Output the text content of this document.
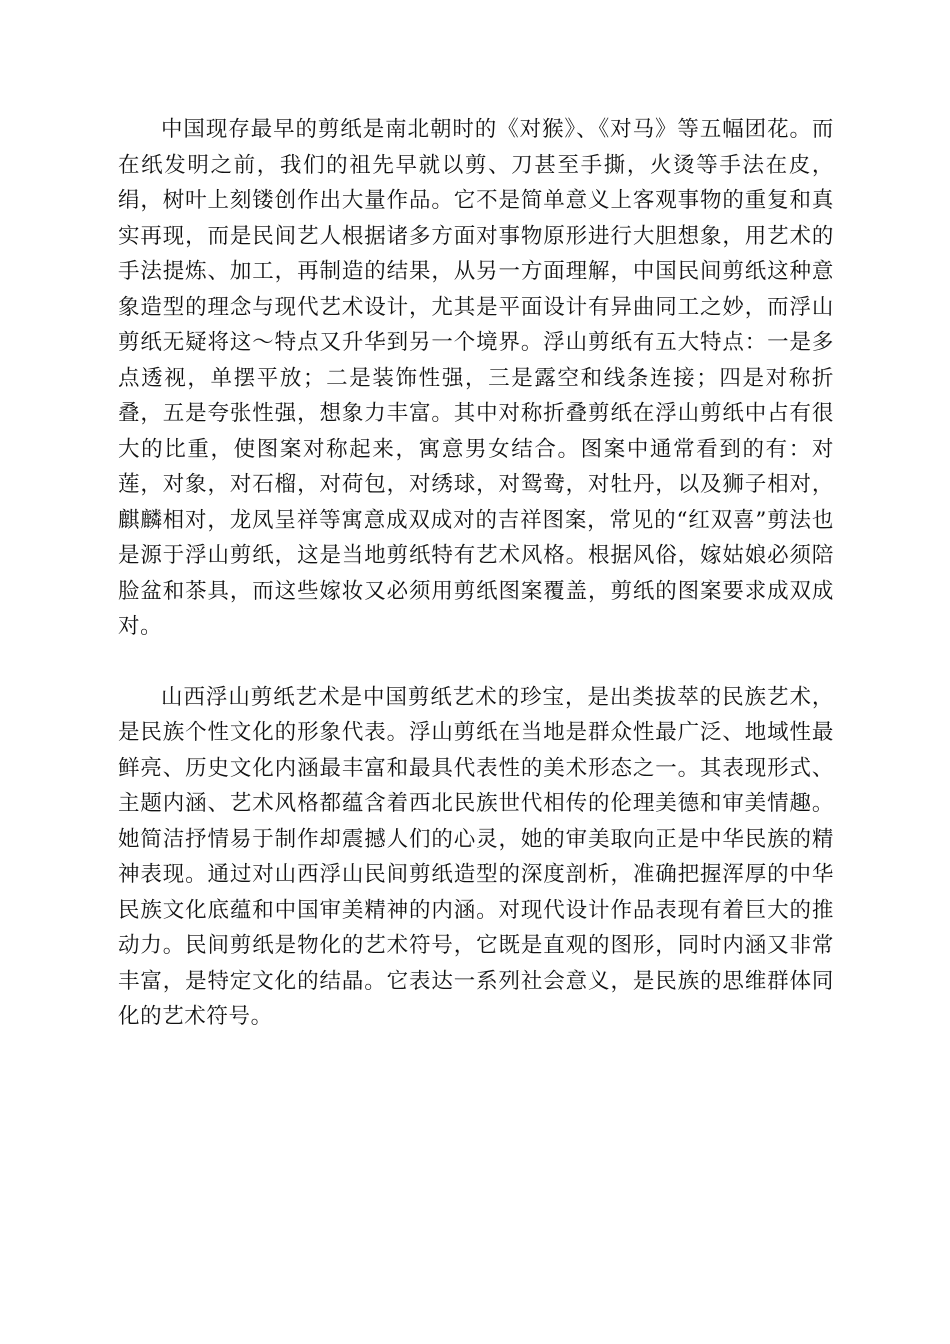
中国现存最早的剪纸是南北朝时的《对猴》、《对马》等五幅团花。而在纸发明之前，我们的祖先早就以剪、刀甚至手撕，火烫等手法在皮，绢，树叶上刻镂创作出大量作品。它不是简单意义上客观事物的重复和真实再现，而是民间艺人根据诸多方面对事物原形进行大胆想象，用艺术的手法提炼、加工，再制造的结果，从另一方面理解，中国民间剪纸这种意象造型的理念与现代艺术设计，尤其是平面设计有异曲同工之妙，而浮山剪纸无疑将这～特点又升华到另一个境界。浮山剪纸有五大特点：一是多点透视，单摆平放；二是装饰性强，三是露空和线条连接；四是对称折叠，五是夸张性强，想象力丰富。其中对称折叠剪纸在浮山剪纸中占有很大的比重，使图案对称起来，寓意男女结合。图案中通常看到的有：对莲，对象，对石榴，对荷包，对绣球，对鸳鸯，对牡丹，以及狮子相对，麒麟相对，龙凤呈祥等寓意成双成对的吉祥图案，常见的“红双喜”剪法也是源于浮山剪纸，这是当地剪纸特有艺术风格。根据风俗，嫁姑娘必须陪脸盆和茶具，而这些嫁妆又必须用剪纸图案覆盖，剪纸的图案要求成双成对。

山西浮山剪纸艺术是中国剪纸艺术的珍宝，是出类拔萃的民族艺术，是民族个性文化的形象代表。浮山剪纸在当地是群众性最广泛、地域性最鲜亮、历史文化内涵最丰富和最具代表性的美术形态之一。其表现形式、主题内涵、艺术风格都蕴含着西北民族世代相传的伦理美德和审美情趣。她简洁抒情易于制作却震撼人们的心灵，她的审美取向正是中华民族的精神表现。通过对山西浮山民间剪纸造型的深度剖析，准确把握浑厚的中华民族文化底蕴和中国审美精神的内涵。对现代设计作品表现有着巨大的推动力。民间剪纸是物化的艺术符号，它既是直观的图形，同时内涵又非常丰富，是特定文化的结晶。它表达一系列社会意义，是民族的思维群体同化的艺术符号。
